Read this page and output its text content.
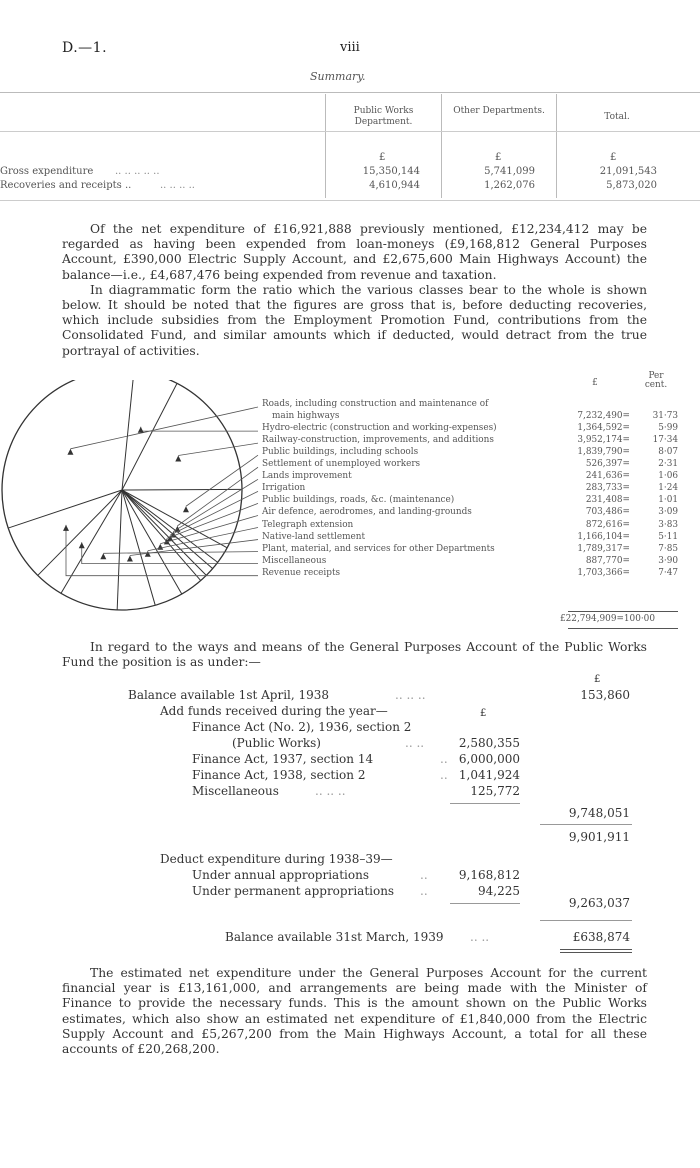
D.—1.	viii
Summary.
Public Works Department.
Other Departments.
Total.
£	£	£
Gross expenditure .. .. .. .. ..	15,350,144	5,741,099	21,091,543
Recoveries and receipts ..	.. .. .. ..	4,610,944	1,262,076	5,873,020

Of the net expenditure of £16,921,888 previously mentioned, £12,234,412 may be regarded as having been expended from loan-moneys (£9,168,812 General Purposes Account, £390,000 Electric Supply Account, and £2,675,600 Main Highways Account) the balance—i.e., £4,687,476 being expended from revenue and taxation.

In diagrammatic form the ratio which the various classes bear to the whole is shown below. It should be noted that the figures are gross that is, before deducting recoveries, which include subsidies from the Employment Promotion Fund, contributions from the Consolidated Fund, and similar amounts which if deducted, would detract from the true portrayal of activities.

£
Per cent.
Roads, including construction and maintenance of
main highways	7,232,490=	31·73
Hydro-electric (construction and working-expenses)	1,364,592=	5·99
Railway-construction, improvements, and additions	3,952,174=	17·34
Public buildings, including schools	1,839,790=	8·07
Settlement of unemployed workers	526,397=	2·31
Lands improvement	241,636=	1·06
Irrigation	283,733=	1·24
Public buildings, roads, &c. (maintenance)	231,408=	1·01
Air defence, aerodromes, and landing-grounds	703,486=	3·09
Telegraph extension	872,616=	3·83
Native-land settlement	1,166,104=	5·11
Plant, material, and services for other Departments	1,789,317=	7·85
Miscellaneous	887,770=	3·90
Revenue receipts	1,703,366=	7·47
£22,794,909=100·00

In regard to the ways and means of the General Purposes Account of the Public Works Fund the position is as under:—

£
Balance available 1st April, 1938	.. .. ..	153,860
Add funds received during the year—	£
Finance Act (No. 2), 1936, section 2
(Public Works)	.. ..	2,580,355
Finance Act, 1937, section 14	.. 6,000,000
Finance Act, 1938, section 2	.. 1,041,924
Miscellaneous	.. .. ..	125,772
9,748,051
9,901,911
Deduct expenditure during 1938–39—
Under annual appropriations	..	9,168,812
Under permanent appropriations ..	94,225
9,263,037
Balance available 31st March, 1939 .. ..	£638,874

The estimated net expenditure under the General Purposes Account for the current financial year is £13,161,000, and arrangements are being made with the Minister of Finance to provide the necessary funds. This is the amount shown on the Public Works estimates, which also show an estimated net expenditure of £1,840,000 from the Electric Supply Account and £5,267,200 from the Main Highways Account, a total for all these accounts of £20,268,200.
